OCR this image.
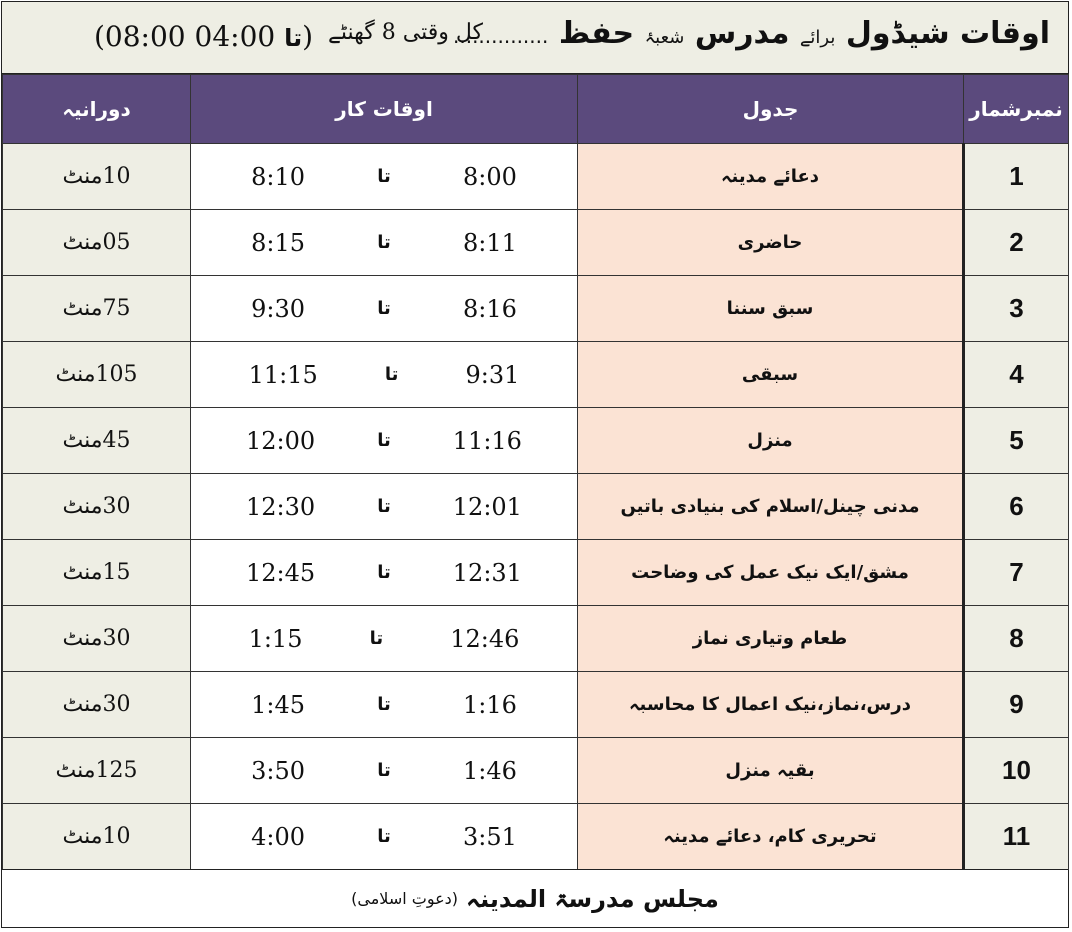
اوقات شیڈول برائے مدرس شعبۂ حفظ ...............
کل وقتی 8 گھنٹے
(08:00	تا 04:00)
دورانیہ	اوقات کار	جدول	نمبرشمار
10منٹ	8:10 تا 8:00	دعائے مدینہ	1
05منٹ	8:15 تا 8:11	حاضری	2
75منٹ	9:30 تا 8:16	سبق سننا	3
105منٹ	11:15 تا 9:31	سبقی	4
45منٹ	12:00 تا 11:16	منزل	5
30منٹ	12:30 تا 12:01	مدنی چینل/اسلام کی بنیادی باتیں	6
15منٹ	12:45 تا 12:31	مشق/ایک نیک عمل کی وضاحت	7
30منٹ	1:15 تا 12:46	طعام وتیاری نماز	8
30منٹ	1:45 تا 1:16	درس،نماز،نیک اعمال کا محاسبہ	9
125منٹ	3:50 تا 1:46	بقیہ منزل	10
10منٹ	4:00 تا 3:51	تحریری کام، دعائے مدینہ	11
مجلس مدرسۃ المدینہ
(دعوتِ اسلامی)
